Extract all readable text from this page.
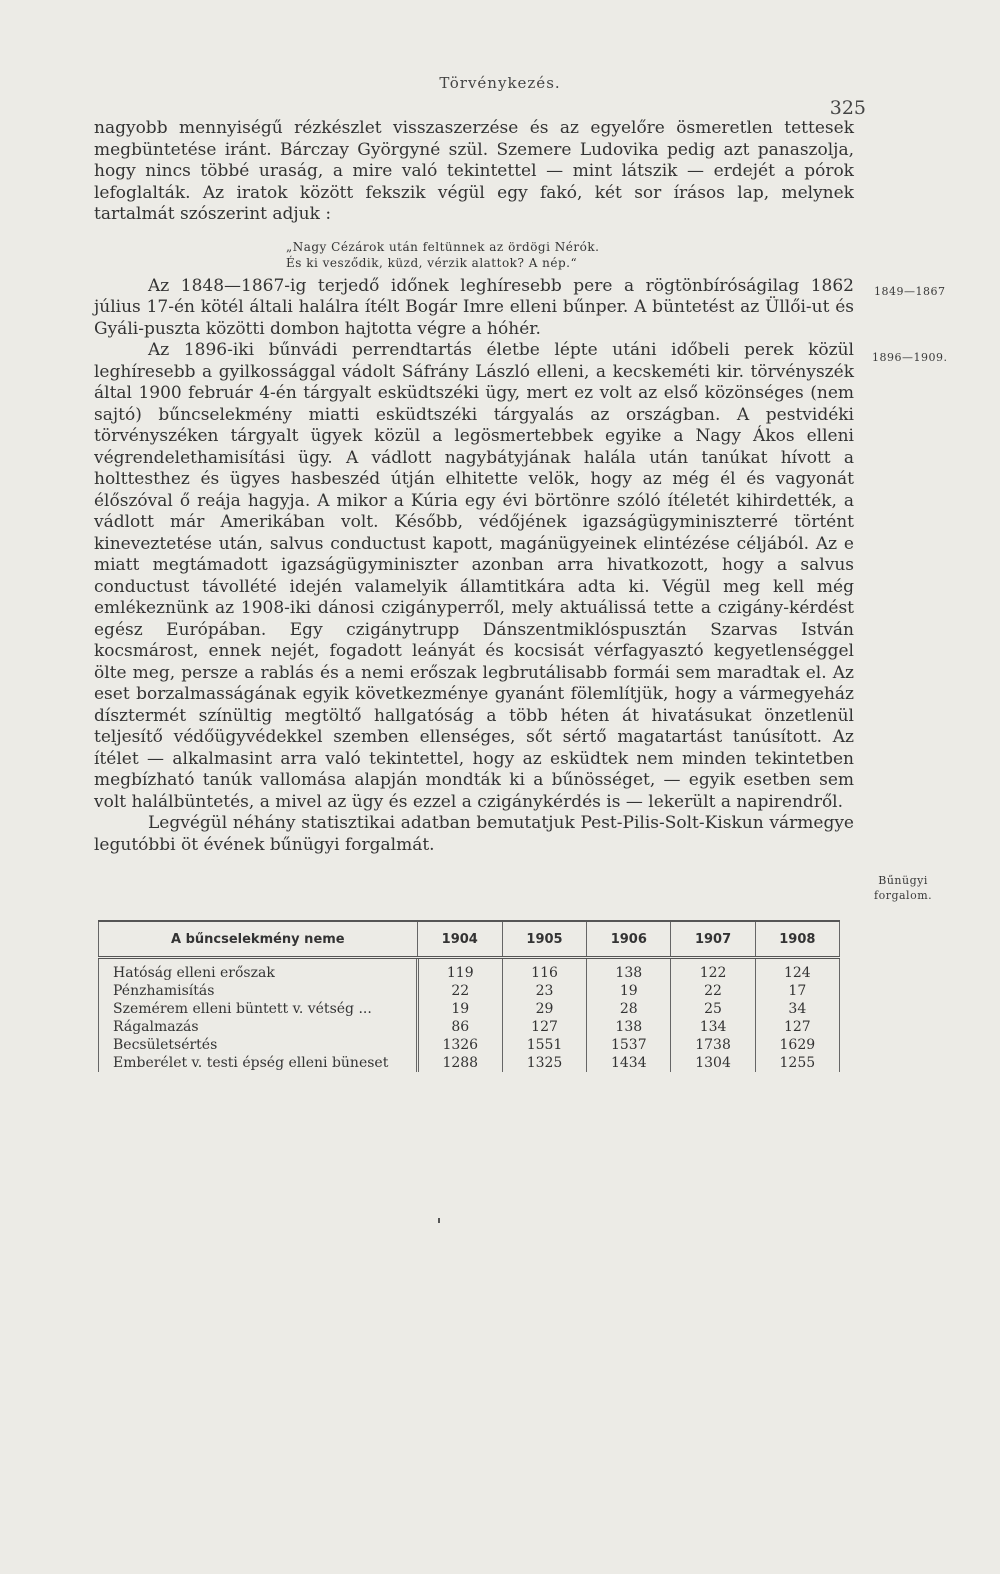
Törvénykezés.
325

nagyobb mennyiségű rézkészlet visszaszerzése és az egyelőre ösmeretlen tettesek megbüntetése iránt. Bárczay Györgyné szül. Szemere Ludovika pedig azt panaszolja, hogy nincs többé uraság, a mire való tekintettel — mint látszik — erdejét a pórok lefoglalták. Az iratok között fekszik végül egy fakó, két sor írásos lap, melynek tartalmát szószerint adjuk :

„Nagy Cézárok után feltünnek az ördögi Nérók.
És ki vesződik, küzd, vérzik alattok? A nép.“

Az 1848—1867-ig terjedő időnek leghíresebb pere a rögtönbíróságilag 1862 július 17-én kötél általi halálra ítélt Bogár Imre elleni bűnper. A büntetést az Üllői-ut és Gyáli-puszta közötti dombon hajtotta végre a hóhér.

Az 1896-iki bűnvádi perrendtartás életbe lépte utáni időbeli perek közül leghíresebb a gyilkossággal vádolt Sáfrány László elleni, a kecskeméti kir. törvényszék által 1900 február 4-én tárgyalt esküdtszéki ügy, mert ez volt az első közönséges (nem sajtó) bűncselekmény miatti esküdtszéki tárgyalás az országban. A pestvidéki törvényszéken tárgyalt ügyek közül a legösmertebbek egyike a Nagy Ákos elleni végrendelethamisítási ügy. A vádlott nagybátyjának halála után tanúkat hívott a holttesthez és ügyes hasbeszéd útján elhitette velök, hogy az még él és vagyonát élőszóval ő reája hagyja. A mikor a Kúria egy évi börtönre szóló ítéletét kihirdették, a vádlott már Amerikában volt. Később, védőjének igazságügyminiszterré történt kineveztetése után, salvus conductust kapott, magánügyeinek elintézése céljából. Az e miatt megtámadott igazságügyminiszter azonban arra hivatkozott, hogy a salvus conductust távollété idején valamelyik államtitkára adta ki. Végül meg kell még emlékeznünk az 1908-iki dánosi czigányperről, mely aktuálissá tette a czigány-kérdést egész Európában. Egy czigánytrupp Dánszentmiklóspusztán Szarvas István kocsmárost, ennek nejét, fogadott leányát és kocsisát vérfagyasztó kegyetlenséggel ölte meg, persze a rablás és a nemi erőszak legbrutálisabb formái sem maradtak el. Az eset borzalmasságának egyik következménye gyanánt fölemlítjük, hogy a vármegyeház dísztermét színültig megtöltő hallgatóság a több héten át hivatásukat önzetlenül teljesítő védőügyvédekkel szemben ellenséges, sőt sértő magatartást tanúsított. Az ítélet — alkalmasint arra való tekintettel, hogy az esküdtek nem minden tekintetben megbízható tanúk vallomása alapján mondták ki a bűnösséget, — egyik esetben sem volt halálbüntetés, a mivel az ügy és ezzel a czigánykérdés is — lekerült a napirendről.

Legvégül néhány statisztikai adatban bemutatjuk Pest-Pilis-Solt-Kiskun vármegye legutóbbi öt évének bűnügyi forgalmát.

1849—1867
1896—1909.
Bűnügyi
forgalom.
A bűncselekmény neme	1904	1905	1906	1907	1908
Hatóság elleni erőszak	119	116	138	122	124
Pénzhamisítás	22	23	19	22	17
Szemérem elleni büntett v. vétség ...	19	29	28	25	34
Rágalmazás	86	127	138	134	127
Becsületsértés	1326	1551	1537	1738	1629
Emberélet v. testi épség elleni büneset	1288	1325	1434	1304	1255
